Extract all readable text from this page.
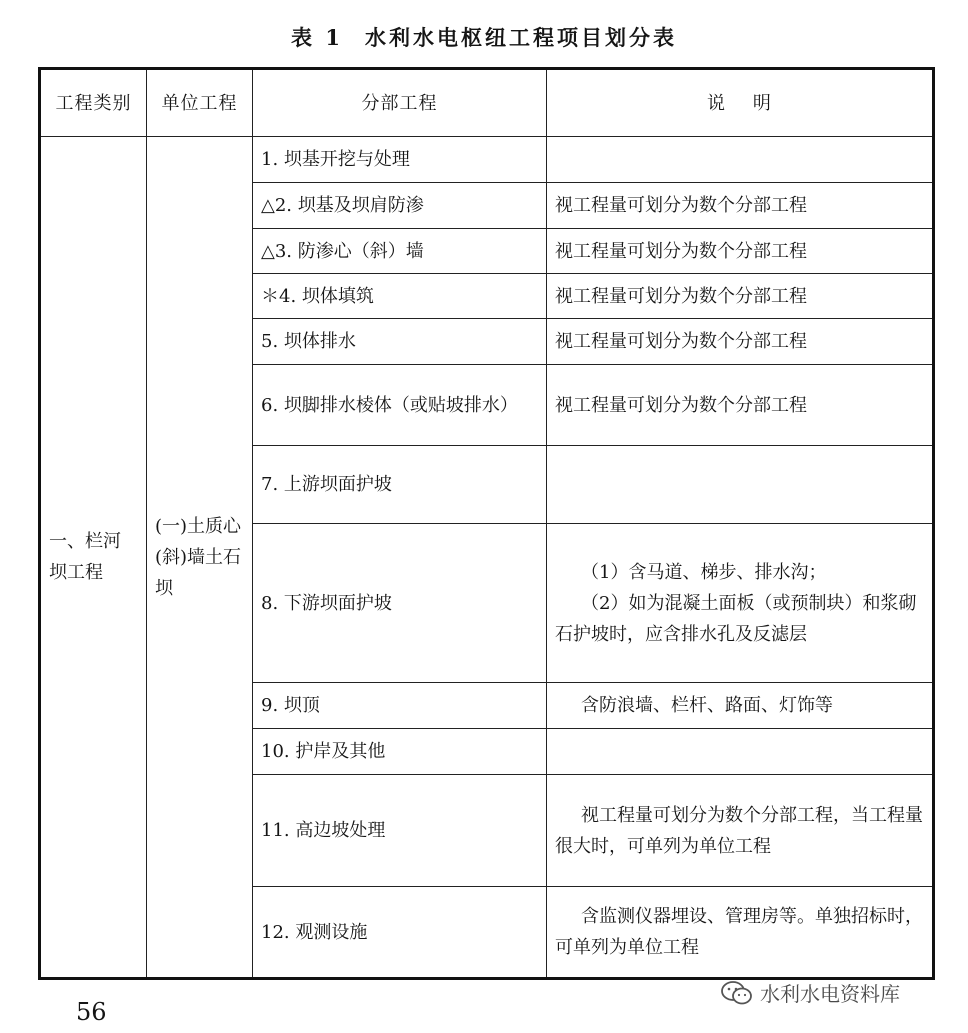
表 1 水利水电枢纽工程项目划分表
工程类别	单位工程	分部工程	说    明
一、栏河坝工程	(一)土质心(斜)墙土石坝	1. 坝基开挖与处理	
		△2. 坝基及坝肩防渗	视工程量可划分为数个分部工程
		△3. 防渗心（斜）墙	视工程量可划分为数个分部工程
		＊4. 坝体填筑	视工程量可划分为数个分部工程
		5. 坝体排水	视工程量可划分为数个分部工程
		6. 坝脚排水棱体（或贴坡排水）	视工程量可划分为数个分部工程
		7. 上游坝面护坡	
		8. 下游坝面护坡	（1）含马道、梯步、排水沟；
（2）如为混凝土面板（或预制块）和浆砌石护坡时，应含排水孔及反滤层

		9. 坝顶	含防浪墙、栏杆、路面、灯饰等
		10. 护岸及其他	
		11. 高边坡处理	视工程量可划分为数个分部工程，当工程量很大时，可单列为单位工程
		12. 观测设施	含监测仪器埋设、管理房等。单独招标时，可单列为单位工程
56
水利水电资料库
